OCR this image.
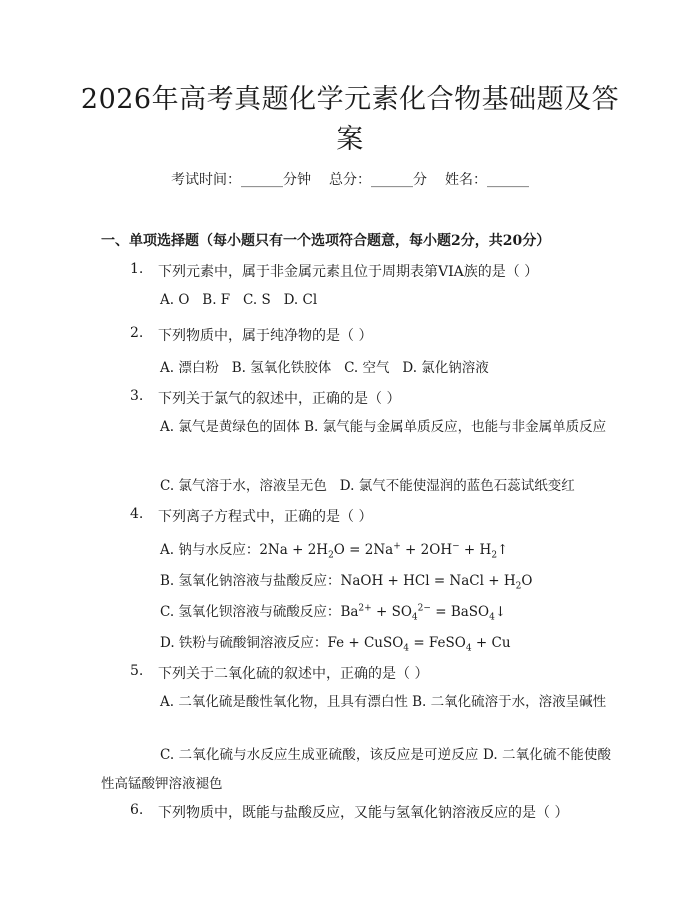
2026年高考真题化学元素化合物基础题及答案
考试时间：______分钟 总分：______分 姓名：______
一、单项选择题（每小题只有一个选项符合题意，每小题2分，共20分）
1. 下列元素中，属于非金属元素且位于周期表第VIA族的是（ ）
A. O   B. F   C. S   D. Cl
2. 下列物质中，属于纯净物的是（ ）
A. 漂白粉   B. 氢氧化铁胶体   C. 空气   D. 氯化钠溶液
3. 下列关于氯气的叙述中，正确的是（ ）
A. 氯气是黄绿色的固体 B. 氯气能与金属单质反应，也能与非金属单质反应
C. 氯气溶于水，溶液呈无色   D. 氯气不能使湿润的蓝色石蕊试纸变红
4. 下列离子方程式中，正确的是（ ）
A. 钠与水反应：$2Na + 2H_2O = 2Na^+ + 2OH^-$ + $H_2↑$
B. 氢氧化钠溶液与盐酸反应：NaOH + HCl = NaCl + $H_2O$
C. 氢氧化钡溶液与硫酸反应：$Ba^{2+} + SO_4^{2-}$ = BaSO$_4$↓
D. 铁粉与硫酸铜溶液反应：Fe + CuSO$_4$ = FeSO$_4$ + Cu
5. 下列关于二氧化硫的叙述中，正确的是（ ）
A. 二氧化硫是酸性氧化物，且具有漂白性 B. 二氧化硫溶于水，溶液呈碱性
C. 二氧化硫与水反应生成亚硫酸，该反应是可逆反应 D. 二氧化硫不能使酸性高锰酸钾溶液褪色
6. 下列物质中，既能与盐酸反应，又能与氢氧化钠溶液反应的是（ ）
